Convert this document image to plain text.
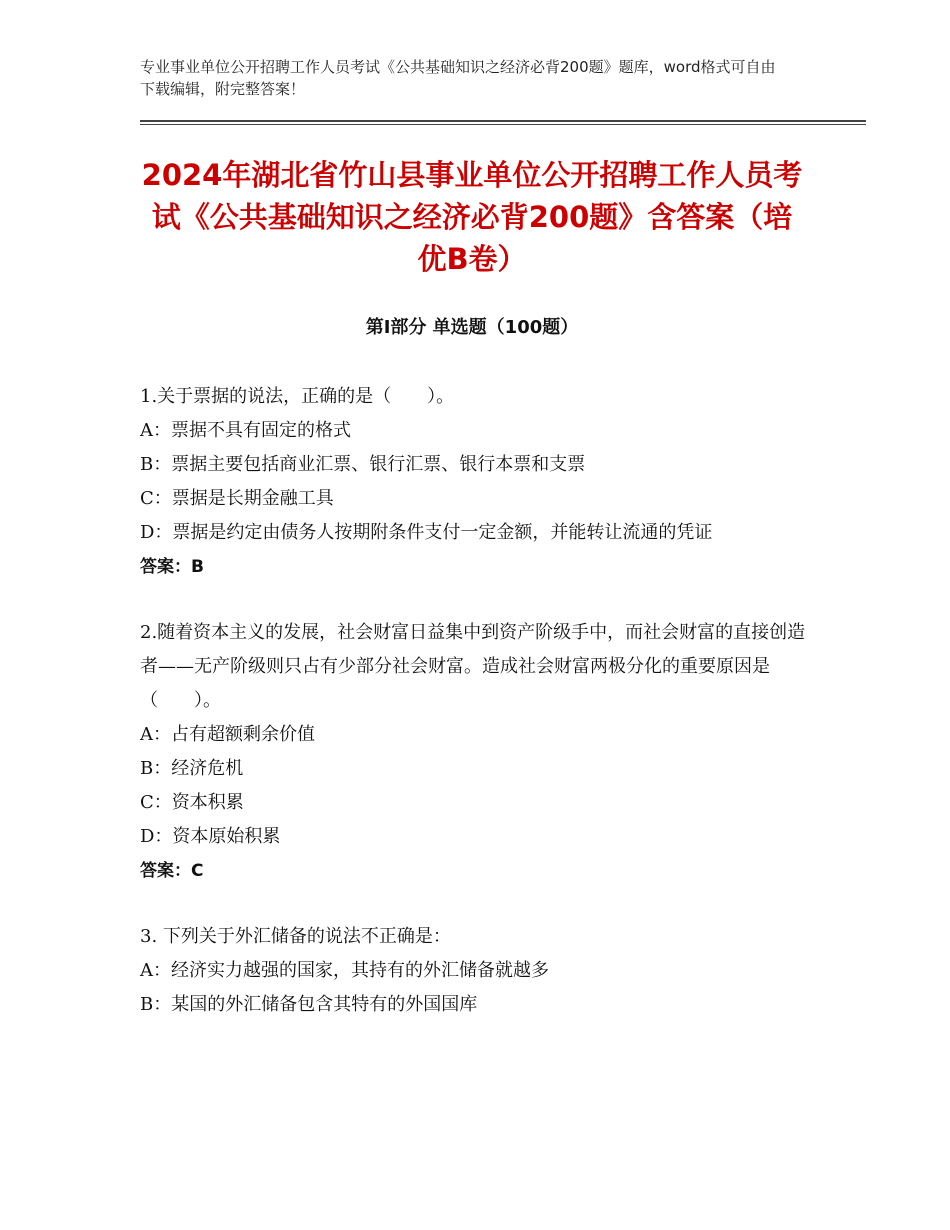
专业事业单位公开招聘工作人员考试《公共基础知识之经济必背200题》题库，word格式可自由下载编辑，附完整答案！
2024年湖北省竹山县事业单位公开招聘工作人员考试《公共基础知识之经济必背200题》含答案（培优B卷）
第Ⅰ部分 单选题（100题）
1.关于票据的说法，正确的是（　　）。
A：票据不具有固定的格式
B：票据主要包括商业汇票、银行汇票、银行本票和支票
C：票据是长期金融工具
D：票据是约定由债务人按期附条件支付一定金额，并能转让流通的凭证
答案：B
2.随着资本主义的发展，社会财富日益集中到资产阶级手中，而社会财富的直接创造者——无产阶级则只占有少部分社会财富。造成社会财富两极分化的重要原因是（　　）。
A：占有超额剩余价值
B：经济危机
C：资本积累
D：资本原始积累
答案：C
3. 下列关于外汇储备的说法不正确是：
A：经济实力越强的国家，其持有的外汇储备就越多
B：某国的外汇储备包含其特有的外国国库
